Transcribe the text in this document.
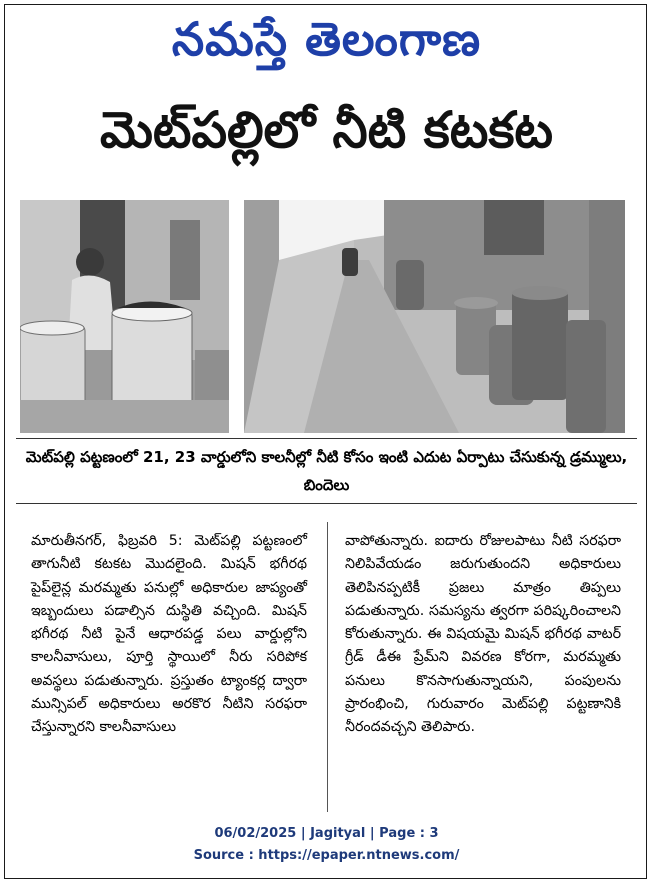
నమస్తే తెలంగాణ
మెట్‌పల్లిలో నీటి కటకట
మెట్‌పల్లి పట్టణంలో 21, 23 వార్డులోని కాలనీల్లో నీటి కోసం ఇంటి ఎదుట ఏర్పాటు చేసుకున్న డ్రమ్ములు, బిందెలు
మారుతీనగర్, ఫిబ్రవరి 5: మెట్‌పల్లి పట్టణంలో తాగునీటి కటకట మొదలైంది. మిషన్ భగీరథ పైప్‌లైన్ల మరమ్మతు పనుల్లో అధికారుల జాప్యంతో ఇబ్బందులు పడాల్సిన దుస్థితి వచ్చింది. మిషన్ భగీరథ నీటి పైనే ఆధారపడ్డ పలు వార్డుల్లోని కాలనీవాసులు, పూర్తి స్థాయిలో నీరు సరిపోక అవస్థలు పడుతున్నారు. ప్రస్తుతం ట్యాంకర్ల ద్వారా మున్సిపల్ అధికారులు అరకొర నీటిని సరఫరా చేస్తున్నారని కాలనీవాసులు
వాపోతున్నారు. ఐదారు రోజులపాటు నీటి సరఫరా నిలిపివేయడం జరుగుతుందని అధికారులు తెలిపినప్పటికీ ప్రజలు మాత్రం తిప్పలు పడుతున్నారు. సమస్యను త్వరగా పరిష్కరించాలని కోరుతున్నారు. ఈ విషయమై మిషన్ భగీరథ వాటర్ గ్రీడ్ డీఈ ప్రేమ్‌ని వివరణ కోరగా, మరమ్మతు పనులు కొనసాగుతున్నాయని, పంపులను ప్రారంభించి, గురువారం మెట్‌పల్లి పట్టణానికి నీరందవచ్చని తెలిపారు.
06/02/2025 | Jagityal | Page : 3
Source : https://epaper.ntnews.com/
